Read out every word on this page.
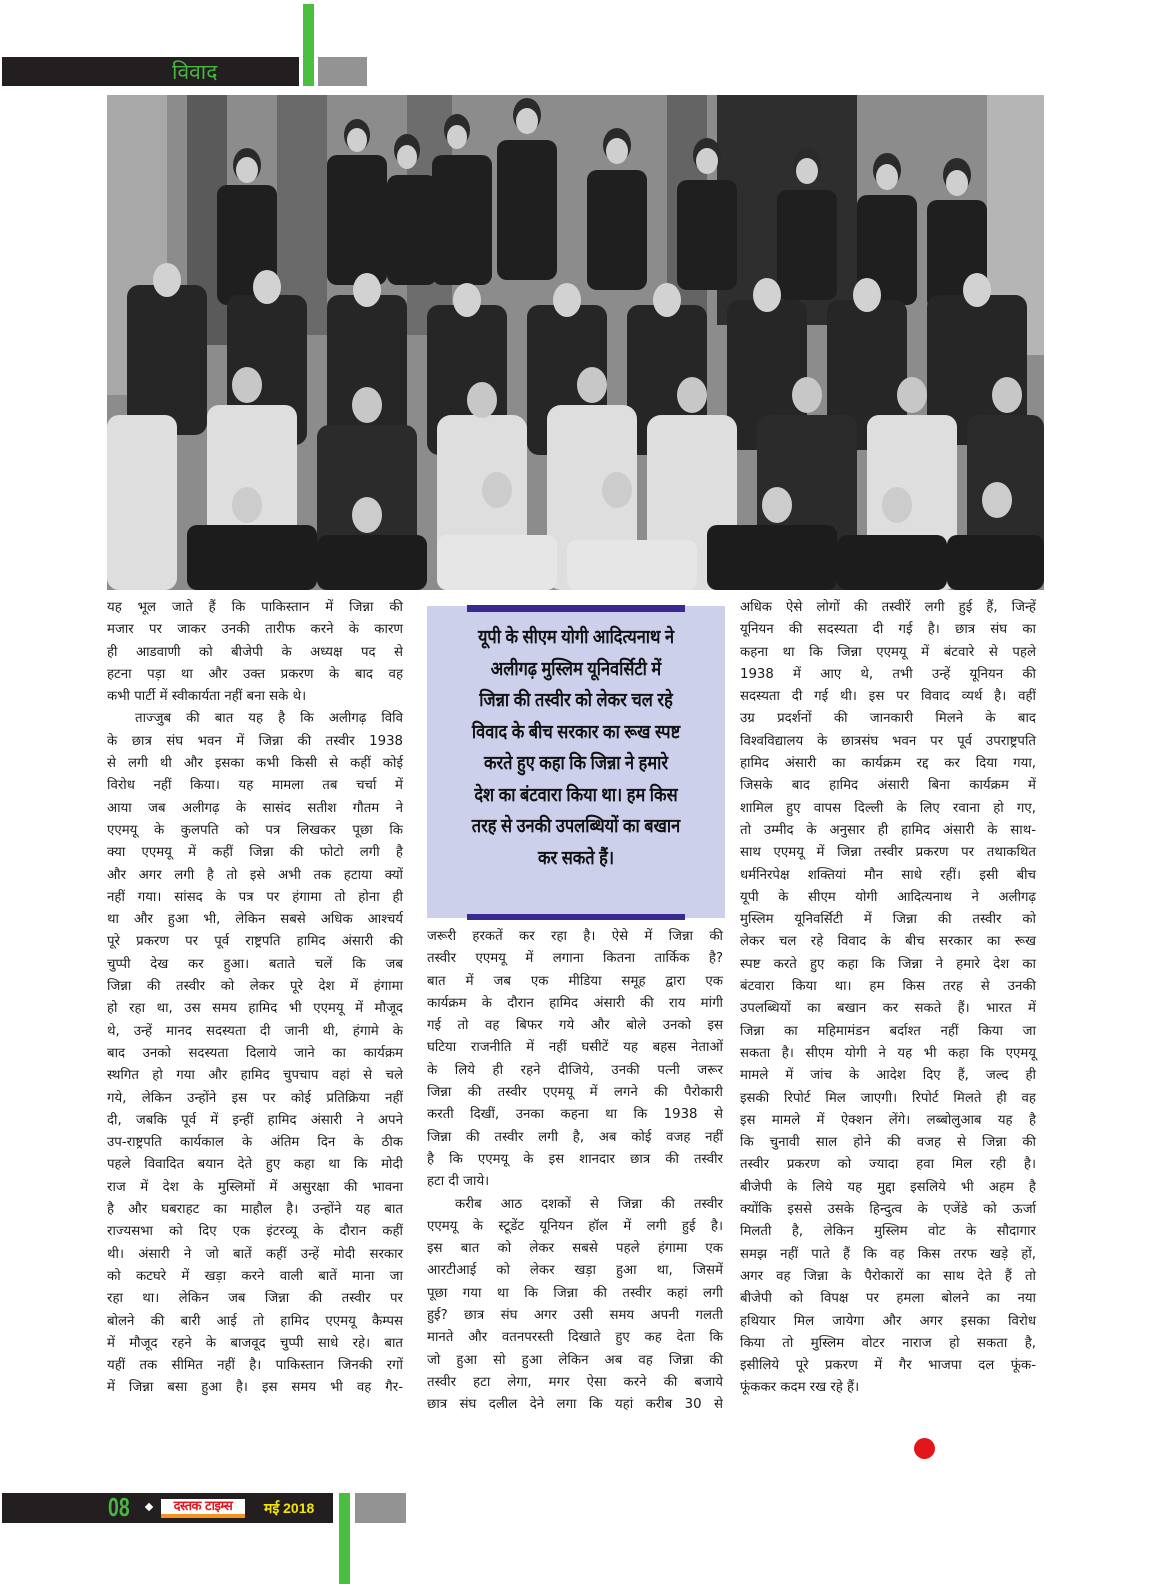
विवाद
यह भूल जाते हैं कि पाकिस्तान में जिन्ना की
मजार पर जाकर उनकी तारीफ करने के कारण
ही आडवाणी को बीजेपी के अध्यक्ष पद से
हटना पड़ा था और उक्त प्रकरण के बाद वह
कभी पार्टी में स्वीकार्यता नहीं बना सके थे।
ताज्जुब की बात यह है कि अलीगढ़ विवि
के छात्र संघ भवन में जिन्ना की तस्वीर 1938
से लगी थी और इसका कभी किसी से कहीं कोई
विरोध नहीं किया। यह मामला तब चर्चा में
आया जब अलीगढ़ के सासंद सतीश गौतम ने
एएमयू के कुलपति को पत्र लिखकर पूछा कि
क्या एएमयू में कहीं जिन्ना की फोटो लगी है
और अगर लगी है तो इसे अभी तक हटाया क्यों
नहीं गया। सांसद के पत्र पर हंगामा तो होना ही
था और हुआ भी, लेकिन सबसे अधिक आश्चर्य
पूरे प्रकरण पर पूर्व राष्ट्रपति हामिद अंसारी की
चुप्पी देख कर हुआ। बताते चलें कि जब
जिन्ना की तस्वीर को लेकर पूरे देश में हंगामा
हो रहा था, उस समय हामिद भी एएमयू में मौजूद
थे, उन्हें मानद सदस्यता दी जानी थी, हंगामे के
बाद उनको सदस्यता दिलाये जाने का कार्यक्रम
स्थगित हो गया और हामिद चुपचाप वहां से चले
गये, लेकिन उन्होंने इस पर कोई प्रतिक्रिया नहीं
दी, जबकि पूर्व में इन्हीं हामिद अंसारी ने अपने
उप-राष्ट्रपति कार्यकाल के अंतिम दिन के ठीक
पहले विवादित बयान देते हुए कहा था कि मोदी
राज में देश के मुस्लिमों में असुरक्षा की भावना
है और घबराहट का माहौल है। उन्होंने यह बात
राज्यसभा को दिए एक इंटरव्यू के दौरान कहीं
थी। अंसारी ने जो बातें कहीं उन्हें मोदी सरकार
को कटघरे में खड़ा करने वाली बातें माना जा
रहा था। लेकिन जब जिन्ना की तस्वीर पर
बोलने की बारी आई तो हामिद एएमयू कैम्पस
में मौजूद रहने के बाजवूद चुप्पी साधे रहे। बात
यहीं तक सीमित नहीं है। पाकिस्तान जिनकी रगों
में जिन्ना बसा हुआ है। इस समय भी वह गैर-
यूपी के सीएम योगी आदित्यनाथ ने
अलीगढ़ मुस्लिम यूनिवर्सिटी में
जिन्ना की तस्वीर को लेकर चल रहे
विवाद के बीच सरकार का रूख स्पष्ट
करते हुए कहा कि जिन्ना ने हमारे
देश का बंटवारा किया था। हम किस
तरह से उनकी उपलब्धियों का बखान
कर सकते हैं।
जरूरी हरकतें कर रहा है। ऐसे में जिन्ना की
तस्वीर एएमयू में लगाना कितना तार्किक है?
बात में जब एक मीडिया समूह द्वारा एक
कार्यक्रम के दौरान हामिद अंसारी की राय मांगी
गई तो वह बिफर गये और बोले उनको इस
घटिया राजनीति में नहीं घसीटें यह बहस नेताओं
के लिये ही रहने दीजिये, उनकी पत्नी जरूर
जिन्ना की तस्वीर एएमयू में लगने की पैरोकारी
करती दिखीं, उनका कहना था कि 1938 से
जिन्ना की तस्वीर लगी है, अब कोई वजह नहीं
है कि एएमयू के इस शानदार छात्र की तस्वीर
हटा दी जाये।
करीब आठ दशकों से जिन्ना की तस्वीर
एएमयू के स्टूडेंट यूनियन हॉल में लगी हुई है।
इस बात को लेकर सबसे पहले हंगामा एक
आरटीआई को लेकर खड़ा हुआ था, जिसमें
पूछा गया था कि जिन्ना की तस्वीर कहां लगी
हुई? छात्र संघ अगर उसी समय अपनी गलती
मानते और वतनपरस्ती दिखाते हुए कह देता कि
जो हुआ सो हुआ लेकिन अब वह जिन्ना की
तस्वीर हटा लेगा, मगर ऐसा करने की बजाये
छात्र संघ दलील देने लगा कि यहां करीब 30 से
अधिक ऐसे लोगों की तस्वीरें लगी हुई हैं, जिन्हें
यूनियन की सदस्यता दी गई है। छात्र संघ का
कहना था कि जिन्ना एएमयू में बंटवारे से पहले
1938 में आए थे, तभी उन्हें यूनियन की
सदस्यता दी गई थी। इस पर विवाद व्यर्थ है। वहीं
उग्र प्रदर्शनों की जानकारी मिलने के बाद
विश्वविद्यालय के छात्रसंघ भवन पर पूर्व उपराष्ट्रपति
हामिद अंसारी का कार्यक्रम रद्द कर दिया गया,
जिसके बाद हामिद अंसारी बिना कार्यक्रम में
शामिल हुए वापस दिल्ली के लिए रवाना हो गए,
तो उम्मीद के अनुसार ही हामिद अंसारी के साथ-
साथ एएमयू में जिन्ना तस्वीर प्रकरण पर तथाकथित
धर्मनिरपेक्ष शक्तियां मौन साधे रहीं। इसी बीच
यूपी के सीएम योगी आदित्यनाथ ने अलीगढ़
मुस्लिम यूनिवर्सिटी में जिन्ना की तस्वीर को
लेकर चल रहे विवाद के बीच सरकार का रूख
स्पष्ट करते हुए कहा कि जिन्ना ने हमारे देश का
बंटवारा किया था। हम किस तरह से उनकी
उपलब्धियों का बखान कर सकते हैं। भारत में
जिन्ना का महिमामंडन बर्दाश्त नहीं किया जा
सकता है। सीएम योगी ने यह भी कहा कि एएमयू
मामले में जांच के आदेश दिए हैं, जल्द ही
इसकी रिपोर्ट मिल जाएगी। रिपोर्ट मिलते ही वह
इस मामले में ऐक्शन लेंगे। लब्बोलुआब यह है
कि चुनावी साल होने की वजह से जिन्ना की
तस्वीर प्रकरण को ज्यादा हवा मिल रही है।
बीजेपी के लिये यह मुद्दा इसलिये भी अहम है
क्योंकि इससे उसके हिन्दुत्व के एजेंडे को ऊर्जा
मिलती है, लेकिन मुस्लिम वोट के सौदागार
समझ नहीं पाते हैं कि वह किस तरफ खड़े हों,
अगर वह जिन्ना के पैरोकारों का साथ देते हैं तो
बीजेपी को विपक्ष पर हमला बोलने का नया
हथियार मिल जायेगा और अगर इसका विरोध
किया तो मुस्लिम वोटर नाराज हो सकता है,
इसीलिये पूरे प्रकरण में गैर भाजपा दल फूंक-
फूंककर कदम रख रहे हैं।
08	दस्तक टाइम्स	मई 2018
